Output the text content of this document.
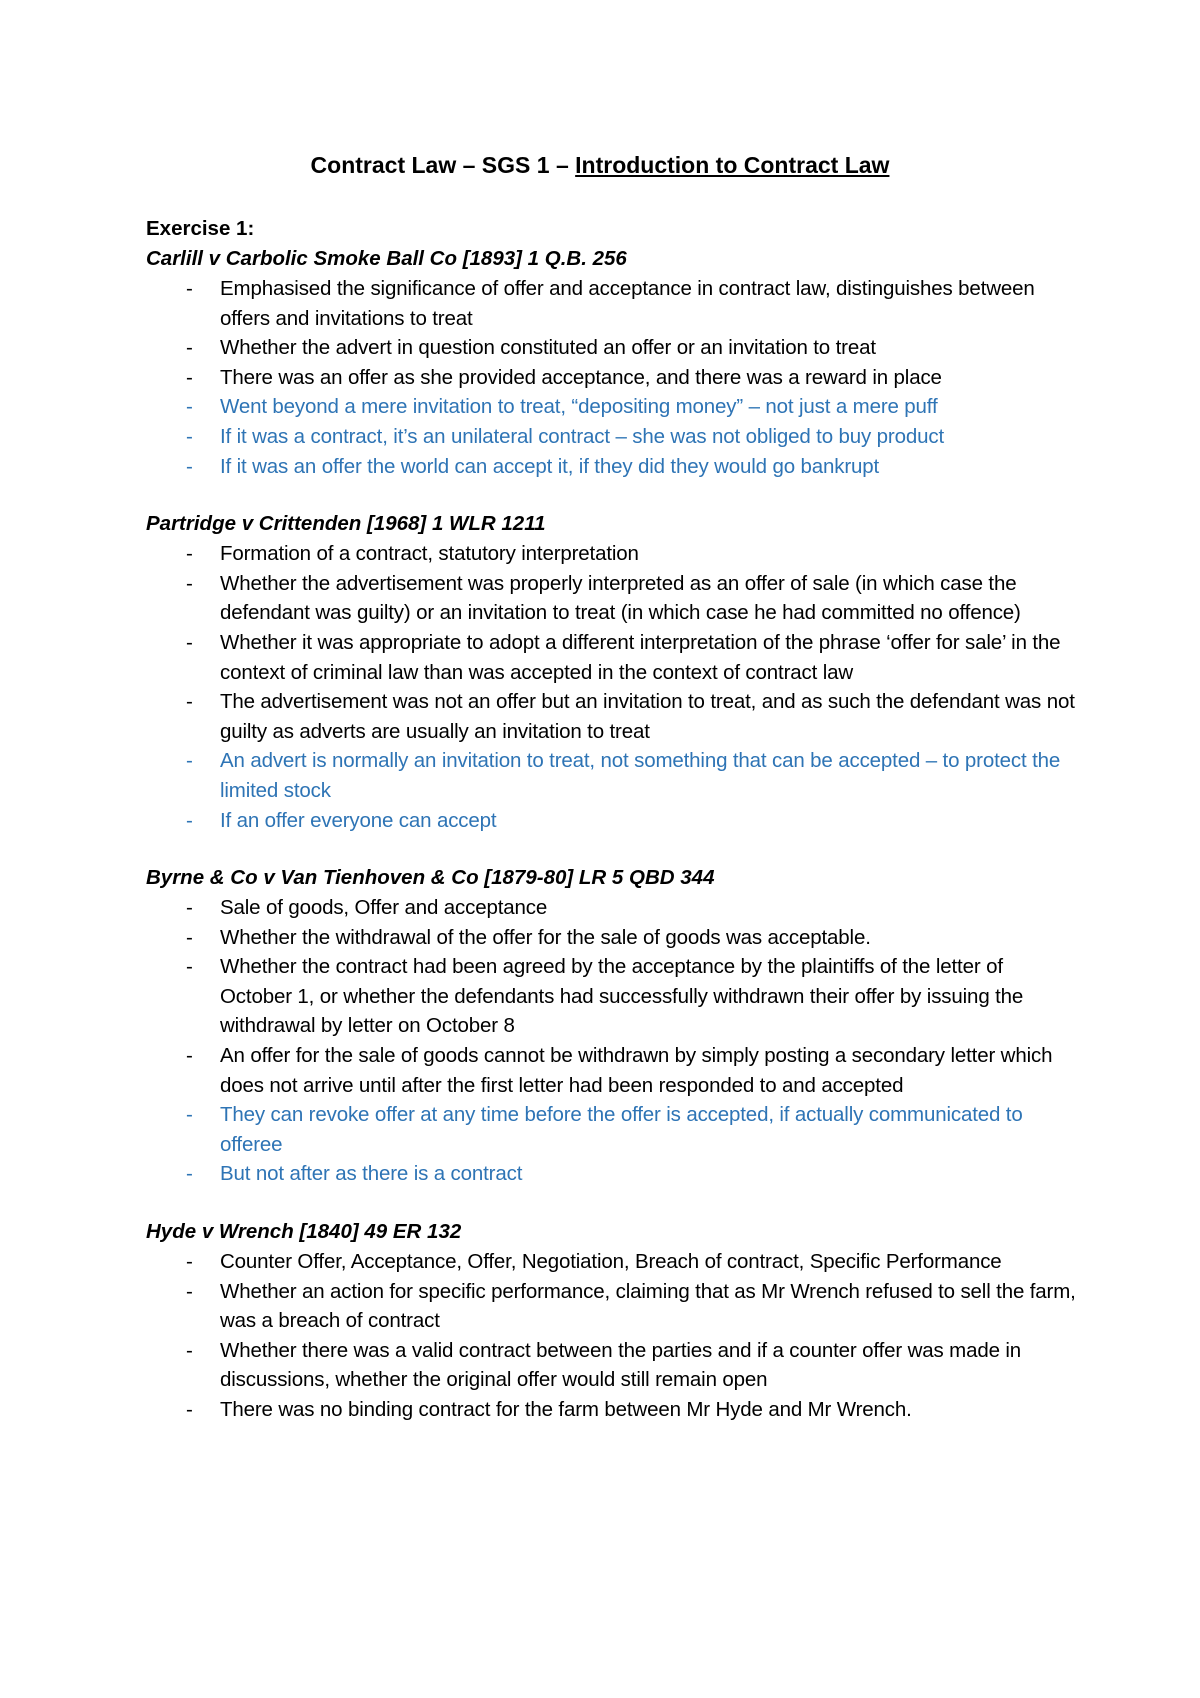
Contract Law – SGS 1 – Introduction to Contract Law
Exercise 1:
Carlill v Carbolic Smoke Ball Co [1893] 1 Q.B. 256
- Emphasised the significance of offer and acceptance in contract law, distinguishes between offers and invitations to treat
- Whether the advert in question constituted an offer or an invitation to treat
- There was an offer as she provided acceptance, and there was a reward in place
- Went beyond a mere invitation to treat, “depositing money” – not just a mere puff
- If it was a contract, it’s an unilateral contract – she was not obliged to buy product
- If it was an offer the world can accept it, if they did they would go bankrupt
Partridge v Crittenden [1968] 1 WLR 1211
- Formation of a contract, statutory interpretation
- Whether the advertisement was properly interpreted as an offer of sale (in which case the defendant was guilty) or an invitation to treat (in which case he had committed no offence)
- Whether it was appropriate to adopt a different interpretation of the phrase ‘offer for sale’ in the context of criminal law than was accepted in the context of contract law
- The advertisement was not an offer but an invitation to treat, and as such the defendant was not guilty as adverts are usually an invitation to treat
- An advert is normally an invitation to treat, not something that can be accepted – to protect the limited stock
- If an offer everyone can accept
Byrne & Co v Van Tienhoven & Co [1879-80] LR 5 QBD 344
- Sale of goods, Offer and acceptance
- Whether the withdrawal of the offer for the sale of goods was acceptable.
- Whether the contract had been agreed by the acceptance by the plaintiffs of the letter of October 1, or whether the defendants had successfully withdrawn their offer by issuing the withdrawal by letter on October 8
- An offer for the sale of goods cannot be withdrawn by simply posting a secondary letter which does not arrive until after the first letter had been responded to and accepted
- They can revoke offer at any time before the offer is accepted, if actually communicated to offeree
- But not after as there is a contract
Hyde v Wrench [1840] 49 ER 132
- Counter Offer, Acceptance, Offer, Negotiation, Breach of contract, Specific Performance
- Whether an action for specific performance, claiming that as Mr Wrench refused to sell the farm, was a breach of contract
- Whether there was a valid contract between the parties and if a counter offer was made in discussions, whether the original offer would still remain open
- There was no binding contract for the farm between Mr Hyde and Mr Wrench.
